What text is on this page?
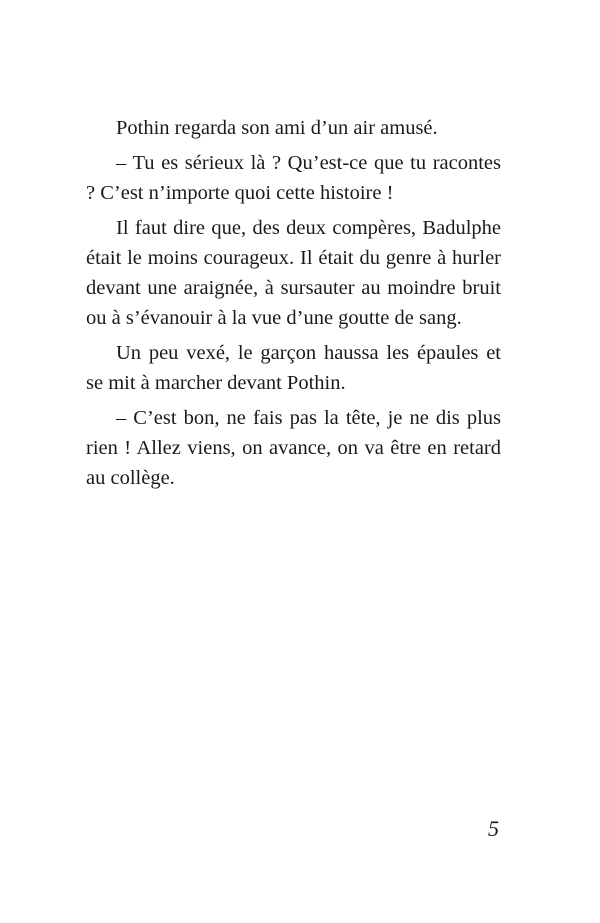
Pothin regarda son ami d’un air amusé.

– Tu es sérieux là ? Qu’est-ce que tu racontes ? C’est n’importe quoi cette histoire !

Il faut dire que, des deux compères, Badulphe était le moins courageux. Il était du genre à hurler devant une araignée, à sursauter au moindre bruit ou à s’évanouir à la vue d’une goutte de sang.

Un peu vexé, le garçon haussa les épaules et se mit à marcher devant Pothin.

– C’est bon, ne fais pas la tête, je ne dis plus rien ! Allez viens, on avance, on va être en retard au collège.

5
